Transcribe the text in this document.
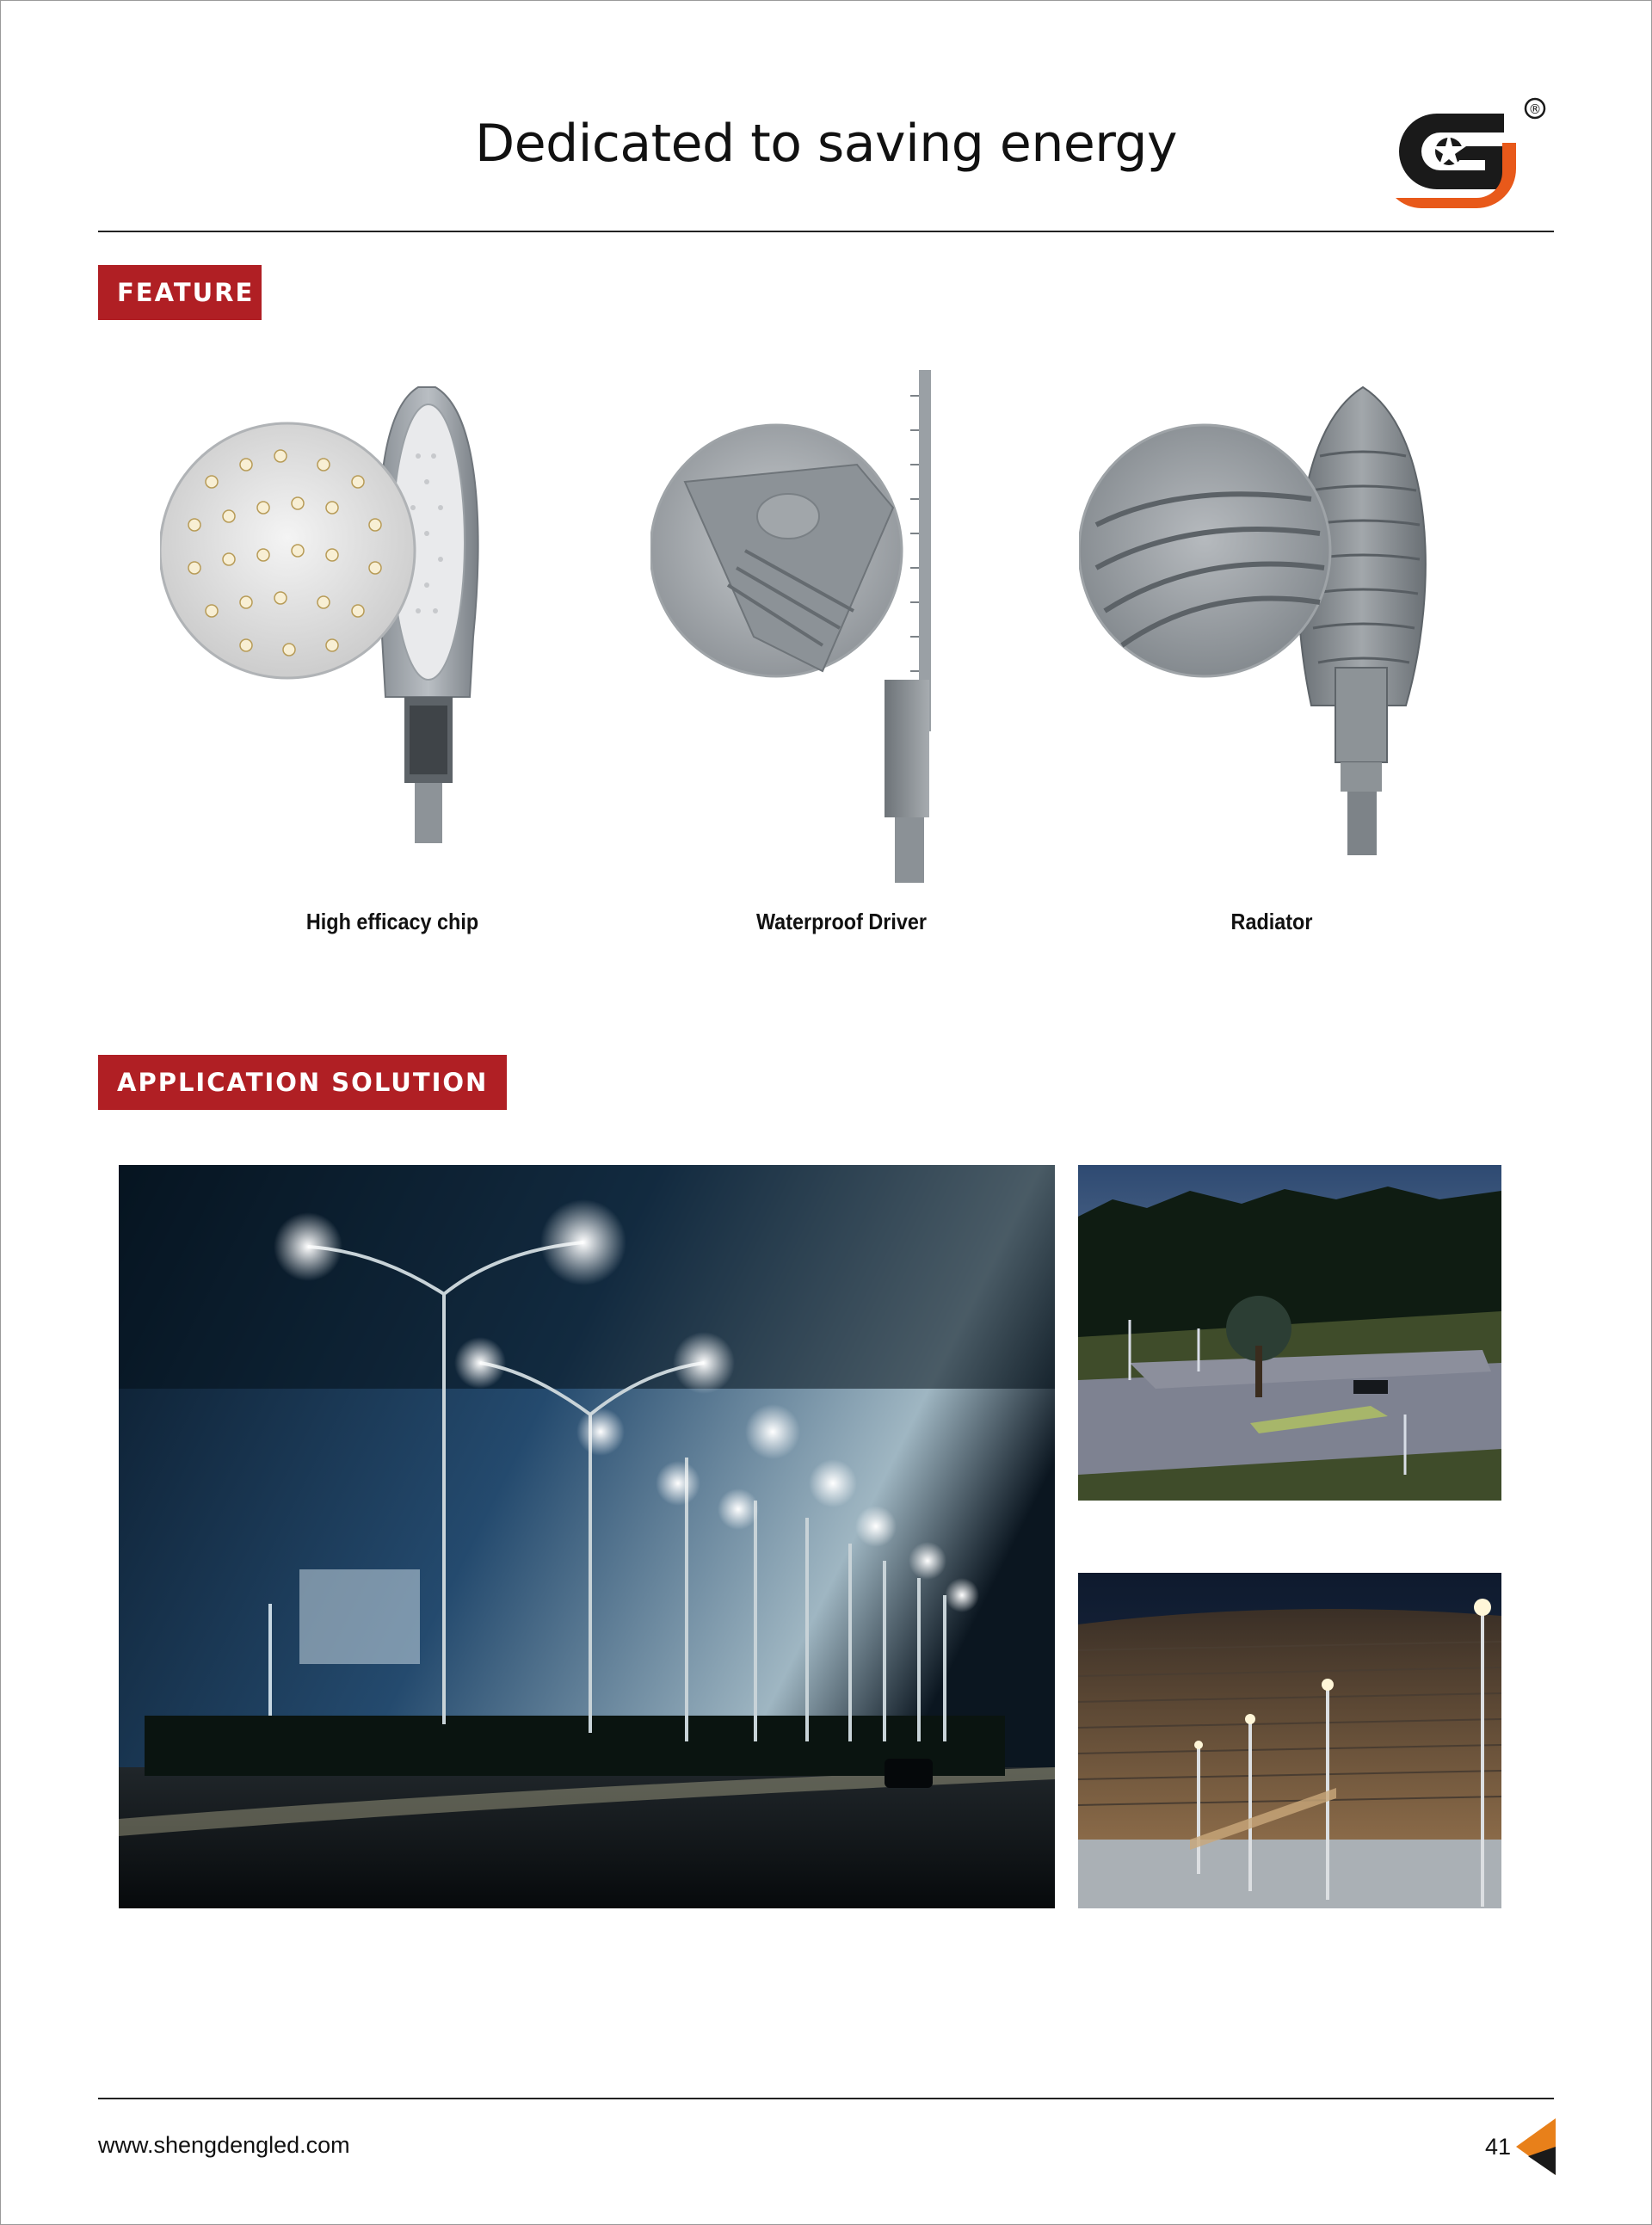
Dedicated to saving energy
®
FEATURE
High efficacy chip	Waterproof Driver	Radiator
APPLICATION SOLUTION
www.shengdengled.com	41
